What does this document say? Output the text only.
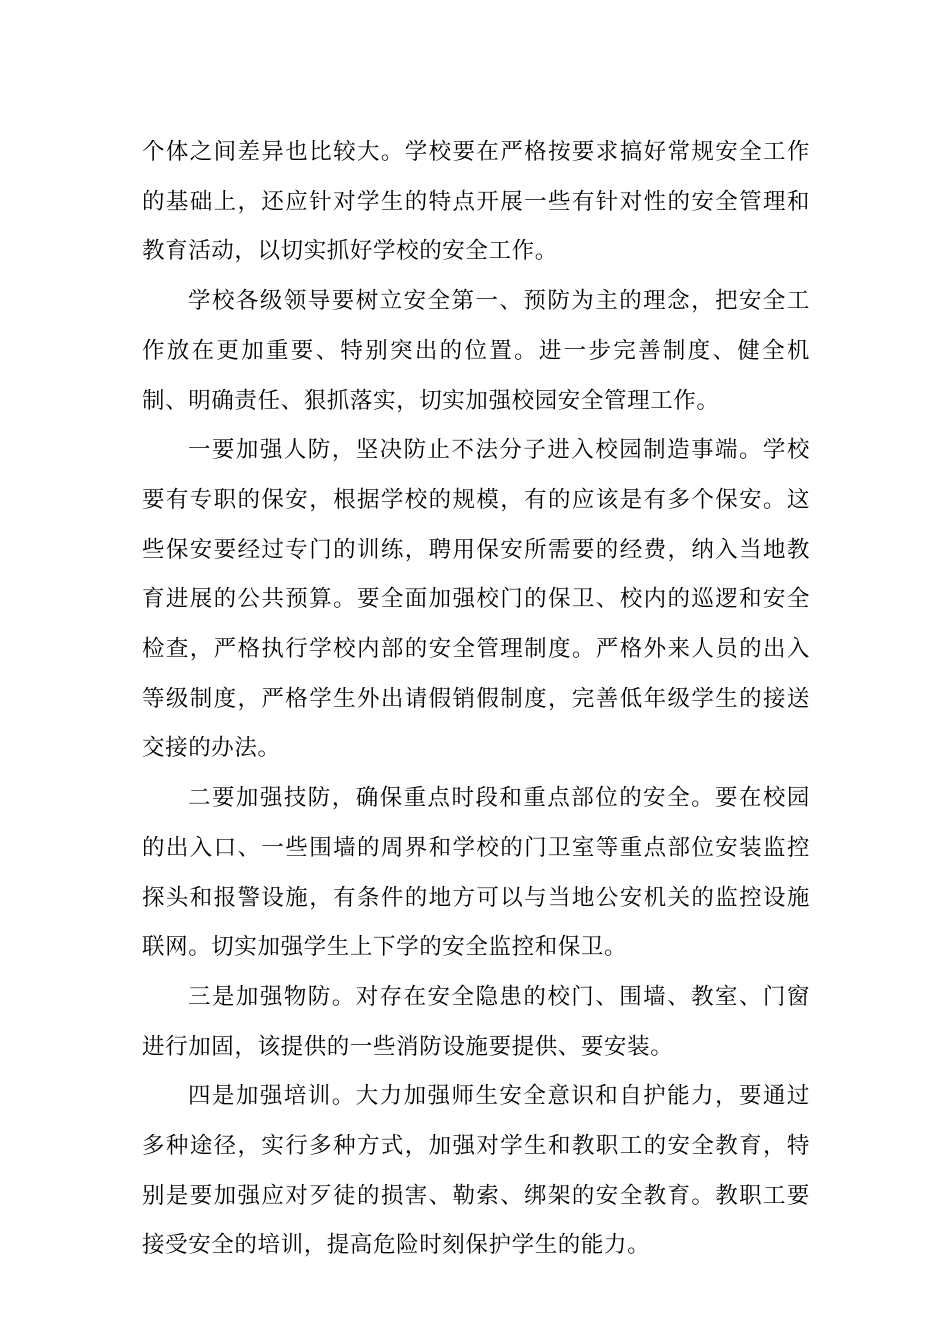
个体之间差异也比较大。学校要在严格按要求搞好常规安全工作的基础上，还应针对学生的特点开展一些有针对性的安全管理和教育活动，以切实抓好学校的安全工作。

学校各级领导要树立安全第一、预防为主的理念，把安全工作放在更加重要、特别突出的位置。进一步完善制度、健全机制、明确责任、狠抓落实，切实加强校园安全管理工作。

一要加强人防，坚决防止不法分子进入校园制造事端。学校要有专职的保安，根据学校的规模，有的应该是有多个保安。这些保安要经过专门的训练，聘用保安所需要的经费，纳入当地教育进展的公共预算。要全面加强校门的保卫、校内的巡逻和安全检查，严格执行学校内部的安全管理制度。严格外来人员的出入等级制度，严格学生外出请假销假制度，完善低年级学生的接送交接的办法。

二要加强技防，确保重点时段和重点部位的安全。要在校园的出入口、一些围墙的周界和学校的门卫室等重点部位安装监控探头和报警设施，有条件的地方可以与当地公安机关的监控设施联网。切实加强学生上下学的安全监控和保卫。

三是加强物防。对存在安全隐患的校门、围墙、教室、门窗进行加固，该提供的一些消防设施要提供、要安装。

四是加强培训。大力加强师生安全意识和自护能力，要通过多种途径，实行多种方式，加强对学生和教职工的安全教育，特别是要加强应对歹徒的损害、勒索、绑架的安全教育。教职工要接受安全的培训，提高危险时刻保护学生的能力。
